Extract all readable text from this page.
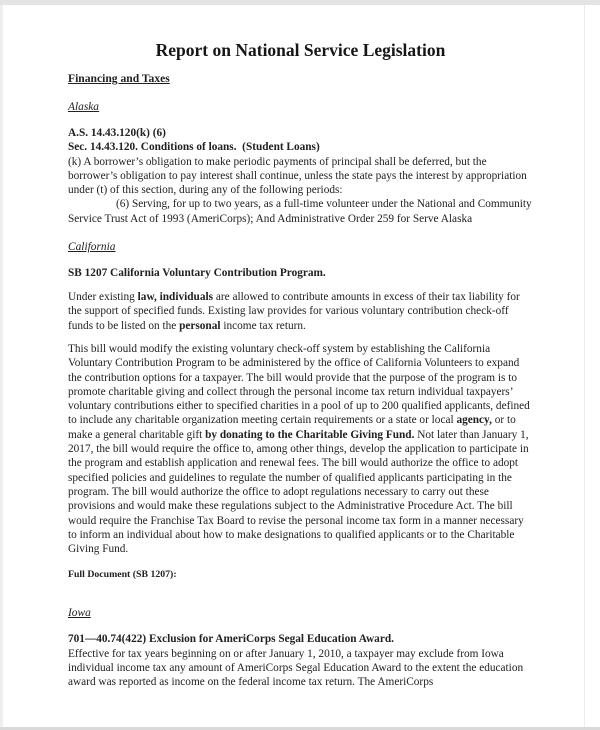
Report on National Service Legislation
Financing and Taxes
Alaska
A.S. 14.43.120(k) (6)
Sec. 14.43.120. Conditions of loans.  (Student Loans)
(k) A borrower’s obligation to make periodic payments of principal shall be deferred, but the borrower’s obligation to pay interest shall continue, unless the state pays the interest by appropriation under (t) of this section, during any of the following periods:
(6) Serving, for up to two years, as a full-time volunteer under the National and Community Service Trust Act of 1993 (AmeriCorps); And Administrative Order 259 for Serve Alaska
California

SB 1207 California Voluntary Contribution Program.

Under existing law, individuals are allowed to contribute amounts in excess of their tax liability for the support of specified funds. Existing law provides for various voluntary contribution check-off funds to be listed on the personal income tax return.

This bill would modify the existing voluntary check-off system by establishing the California Voluntary Contribution Program to be administered by the office of California Volunteers to expand the contribution options for a taxpayer. The bill would provide that the purpose of the program is to promote charitable giving and collect through the personal income tax return individual taxpayers’ voluntary contributions either to specified charities in a pool of up to 200 qualified applicants, defined to include any charitable organization meeting certain requirements or a state or local agency, or to make a general charitable gift by donating to the Charitable Giving Fund. Not later than January 1, 2017, the bill would require the office to, among other things, develop the application to participate in the program and establish application and renewal fees. The bill would authorize the office to adopt specified policies and guidelines to regulate the number of qualified applicants participating in the program. The bill would authorize the office to adopt regulations necessary to carry out these provisions and would make these regulations subject to the Administrative Procedure Act. The bill would require the Franchise Tax Board to revise the personal income tax form in a manner necessary to inform an individual about how to make designations to qualified applicants or to the Charitable Giving Fund.

Full Document (SB 1207):

Iowa
701—40.74(422) Exclusion for AmeriCorps Segal Education Award.
Effective for tax years beginning on or after January 1, 2010, a taxpayer may exclude from Iowa individual income tax any amount of AmeriCorps Segal Education Award to the extent the education award was reported as income on the federal income tax return. The AmeriCorps
